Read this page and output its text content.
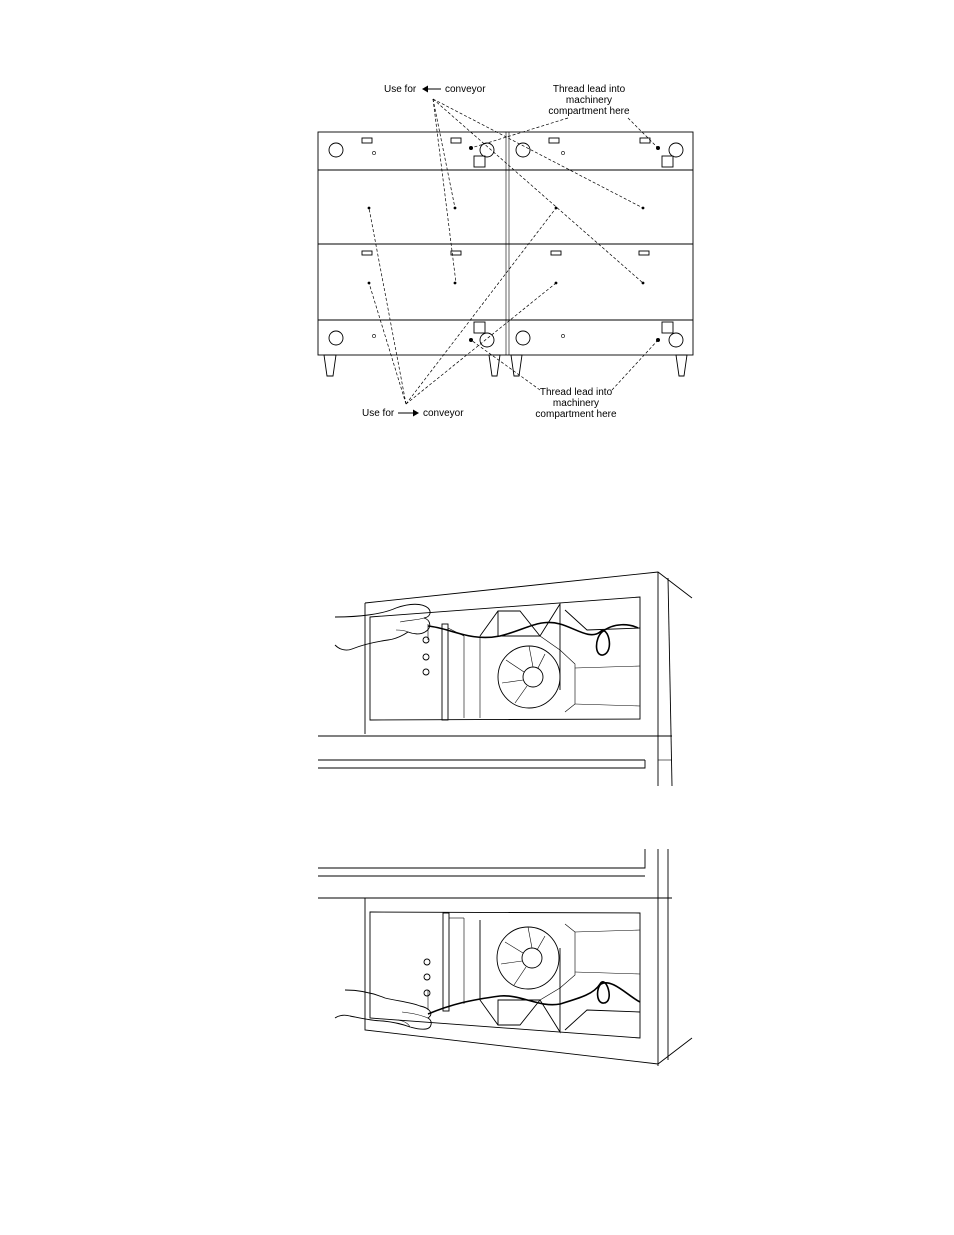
Use for	conveyor	Thread lead into
machinery
compartment here
Use for	conveyor
Thread lead into
machinery
compartment here
